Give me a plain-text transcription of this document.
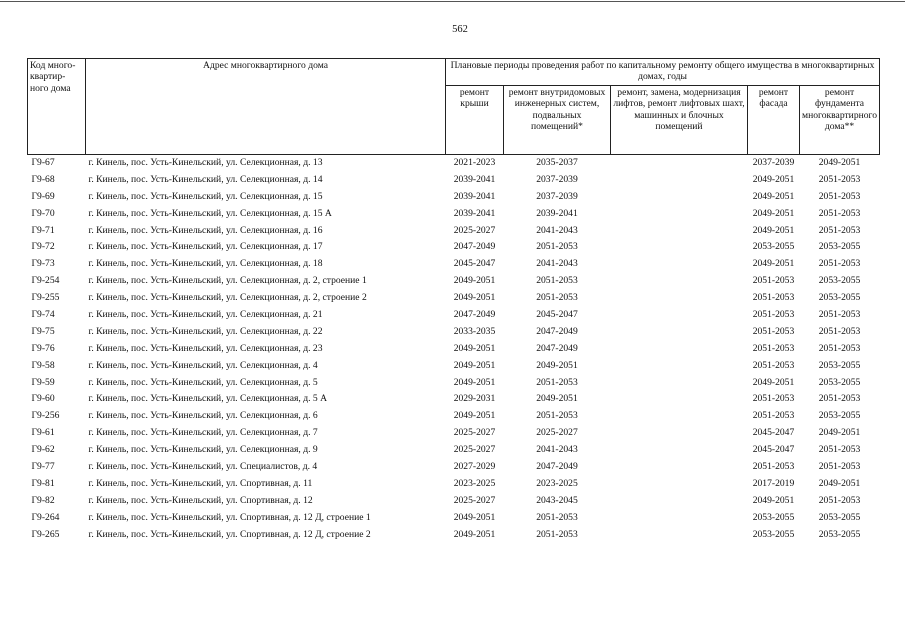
562
Код много-квартир-ного дома	Адрес многоквартирного дома	Плановые периоды проведения работ по капитальному ремонту общего имущества в многоквартирных домах, годы				
		ремонт крыши	ремонт внутридомовых инженерных систем, подвальных помещений*	ремонт, замена, модернизация лифтов, ремонт лифтовых шахт, машинных и блочных помещений	ремонт фасада	ремонт фундамента многоквартирного дома**
Г9-67	г. Кинель, пос. Усть-Кинельский, ул. Селекционная, д. 13	2021-2023	2035-2037		2037-2039	2049-2051
Г9-68	г. Кинель, пос. Усть-Кинельский, ул. Селекционная, д. 14	2039-2041	2037-2039		2049-2051	2051-2053
Г9-69	г. Кинель, пос. Усть-Кинельский, ул. Селекционная, д. 15	2039-2041	2037-2039		2049-2051	2051-2053
Г9-70	г. Кинель, пос. Усть-Кинельский, ул. Селекционная, д. 15 А	2039-2041	2039-2041		2049-2051	2051-2053
Г9-71	г. Кинель, пос. Усть-Кинельский, ул. Селекционная, д. 16	2025-2027	2041-2043		2049-2051	2051-2053
Г9-72	г. Кинель, пос. Усть-Кинельский, ул. Селекционная, д. 17	2047-2049	2051-2053		2053-2055	2053-2055
Г9-73	г. Кинель, пос. Усть-Кинельский, ул. Селекционная, д. 18	2045-2047	2041-2043		2049-2051	2051-2053
Г9-254	г. Кинель, пос. Усть-Кинельский, ул. Селекционная, д. 2, строение 1	2049-2051	2051-2053		2051-2053	2053-2055
Г9-255	г. Кинель, пос. Усть-Кинельский, ул. Селекционная, д. 2, строение 2	2049-2051	2051-2053		2051-2053	2053-2055
Г9-74	г. Кинель, пос. Усть-Кинельский, ул. Селекционная, д. 21	2047-2049	2045-2047		2051-2053	2051-2053
Г9-75	г. Кинель, пос. Усть-Кинельский, ул. Селекционная, д. 22	2033-2035	2047-2049		2051-2053	2051-2053
Г9-76	г. Кинель, пос. Усть-Кинельский, ул. Селекционная, д. 23	2049-2051	2047-2049		2051-2053	2051-2053
Г9-58	г. Кинель, пос. Усть-Кинельский, ул. Селекционная, д. 4	2049-2051	2049-2051		2051-2053	2053-2055
Г9-59	г. Кинель, пос. Усть-Кинельский, ул. Селекционная, д. 5	2049-2051	2051-2053		2049-2051	2053-2055
Г9-60	г. Кинель, пос. Усть-Кинельский, ул. Селекционная, д. 5 А	2029-2031	2049-2051		2051-2053	2051-2053
Г9-256	г. Кинель, пос. Усть-Кинельский, ул. Селекционная, д. 6	2049-2051	2051-2053		2051-2053	2053-2055
Г9-61	г. Кинель, пос. Усть-Кинельский, ул. Селекционная, д. 7	2025-2027	2025-2027		2045-2047	2049-2051
Г9-62	г. Кинель, пос. Усть-Кинельский, ул. Селекционная, д. 9	2025-2027	2041-2043		2045-2047	2051-2053
Г9-77	г. Кинель, пос. Усть-Кинельский, ул. Специалистов, д. 4	2027-2029	2047-2049		2051-2053	2051-2053
Г9-81	г. Кинель, пос. Усть-Кинельский, ул. Спортивная, д. 11	2023-2025	2023-2025		2017-2019	2049-2051
Г9-82	г. Кинель, пос. Усть-Кинельский, ул. Спортивная, д. 12	2025-2027	2043-2045		2049-2051	2051-2053
Г9-264	г. Кинель, пос. Усть-Кинельский, ул. Спортивная, д. 12 Д, строение 1	2049-2051	2051-2053		2053-2055	2053-2055
Г9-265	г. Кинель, пос. Усть-Кинельский, ул. Спортивная, д. 12 Д, строение 2	2049-2051	2051-2053		2053-2055	2053-2055
